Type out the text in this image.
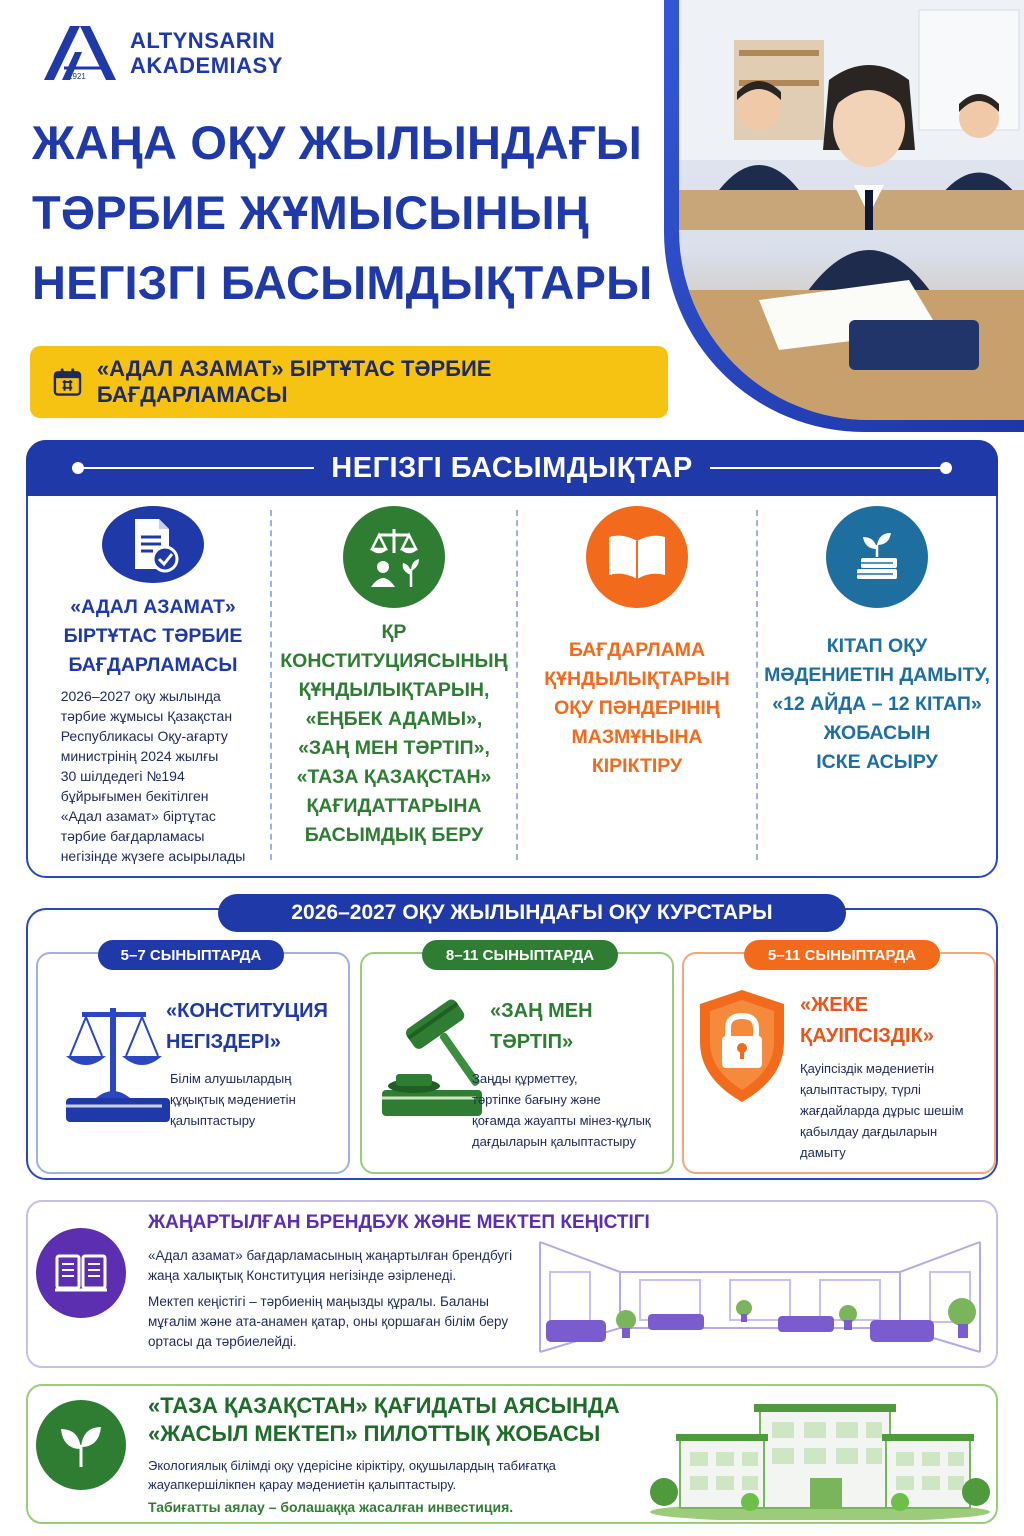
1921
ALTYNSARIN
AKADEMIASY
ЖАҢА ОҚУ ЖЫЛЫНДАҒЫ
ТӘРБИЕ ЖҰМЫСЫНЫҢ
НЕГІЗГІ БАСЫМДЫҚТАРЫ
«АДАЛ АЗАМАТ» БІРТҰТАС ТӘРБИЕ БАҒДАРЛАМАСЫ
НЕГІЗГІ БАСЫМДЫҚТАР
«АДАЛ АЗАМАТ»
БІРТҰТАС ТӘРБИЕ
БАҒДАРЛАМАСЫ
2026–2027 оқу жылында
тәрбие жұмысы Қазақстан
Республикасы Оқу-ағарту
министрінің 2024 жылғы
30 шілдедегі №194
бұйрығымен бекітілген
«Адал азамат» біртұтас
тәрбие бағдарламасы
негізінде жүзеге асырылады
ҚР КОНСТИТУЦИЯСЫНЫҢ
ҚҰНДЫЛЫҚТАРЫН,
«ЕҢБЕК АДАМЫ»,
«ЗАҢ МЕН ТӘРТІП»,
«ТАЗА ҚАЗАҚСТАН»
ҚАҒИДАТТАРЫНА
БАСЫМДЫҚ БЕРУ
БАҒДАРЛАМА
ҚҰНДЫЛЫҚТАРЫН
ОҚУ ПӘНДЕРІНІҢ
МАЗМҰНЫНА
КІРІКТІРУ
КІТАП ОҚУ
МӘДЕНИЕТІН ДАМЫТУ,
«12 АЙДА – 12 КІТАП»
ЖОБАСЫН
ІСКЕ АСЫРУ
2026–2027 ОҚУ ЖЫЛЫНДАҒЫ ОҚУ КУРСТАРЫ
«КОНСТИТУЦИЯ
НЕГІЗДЕРІ»
Білім алушылардың
құқықтық мәдениетін
қалыптастыру
5–7 СЫНЫПТАРДА
«ЗАҢ МЕН
ТӘРТІП»
Заңды құрметтеу,
тәртіпке бағыну және
қоғамда жауапты мінез-құлық
дағдыларын қалыптастыру
8–11 СЫНЫПТАРДА
«ЖЕКЕ
ҚАУІПСІЗДІК»
Қауіпсіздік мәдениетін
қалыптастыру, түрлі
жағдайларда дұрыс шешім
қабылдау дағдыларын
дамыту
5–11 СЫНЫПТАРДА
ЖАҢАРТЫЛҒАН БРЕНДБУК ЖӘНЕ МЕКТЕП КЕҢІСТІГІ

«Адал азамат» бағдарламасының жаңартылған брендбугі жаңа халықтық Конституция негізінде әзірленеді.

Мектеп кеңістігі – тәрбиенің маңызды құралы. Баланы мұғалім және ата-анамен қатар, оны қоршаған білім беру ортасы да тәрбиелейді.

«ТАЗА ҚАЗАҚСТАН» ҚАҒИДАТЫ АЯСЫНДА
«ЖАСЫЛ МЕКТЕП» ПИЛОТТЫҚ ЖОБАСЫ
Экологиялық білімді оқу үдерісіне кіріктіру, оқушылардың табиғатқа жауапкершілікпен қарау мәдениетін қалыптастыру.
Табиғатты аялау – болашаққа жасалған инвестиция.
